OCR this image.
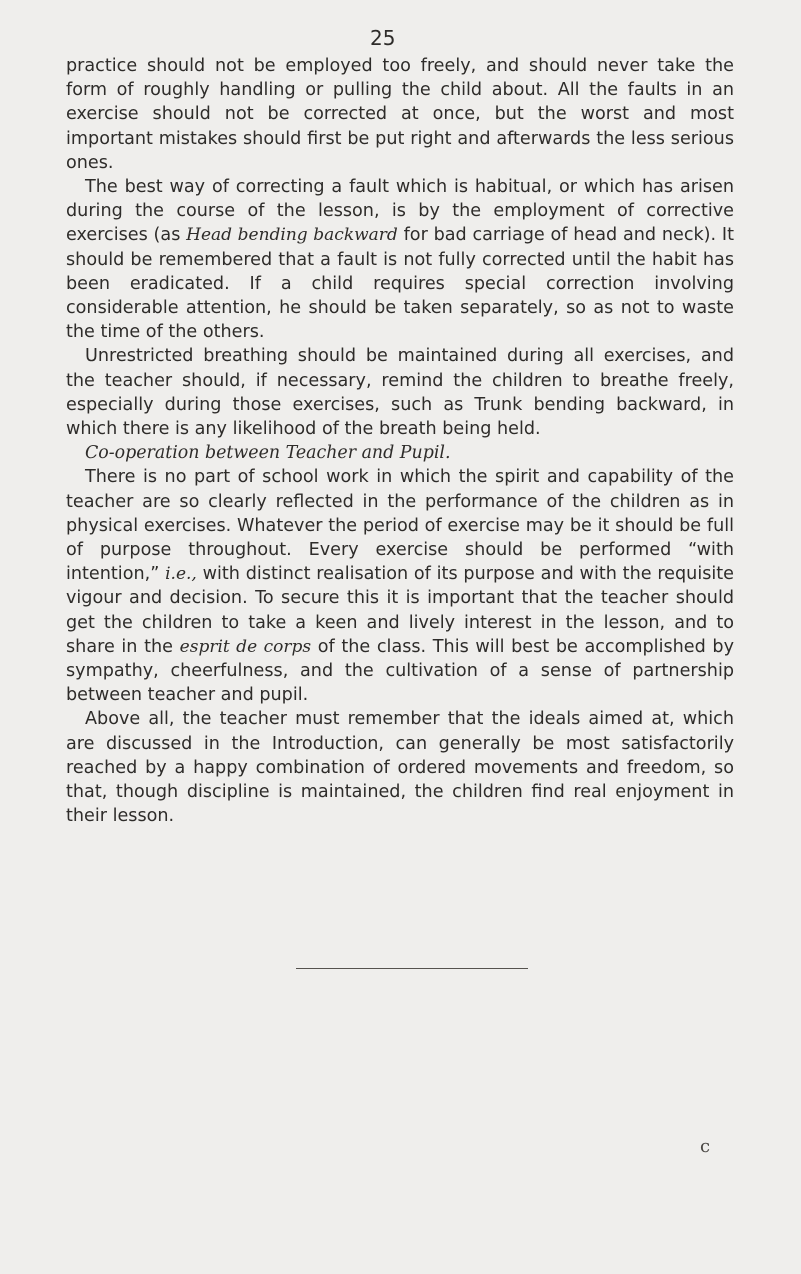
25

practice should not be employed too freely, and should never take the form of roughly handling or pulling the child about. All the faults in an exercise should not be corrected at once, but the worst and most important mistakes should first be put right and afterwards the less serious ones.

The best way of correcting a fault which is habitual, or which has arisen during the course of the lesson, is by the employment of corrective exercises (as Head bending backward for bad carriage of head and neck). It should be remembered that a fault is not fully corrected until the habit has been eradicated. If a child requires special correction involving considerable attention, he should be taken separately, so as not to waste the time of the others.

Unrestricted breathing should be maintained during all exercises, and the teacher should, if necessary, remind the children to breathe freely, especially during those exercises, such as Trunk bending backward, in which there is any likelihood of the breath being held.

Co-operation between Teacher and Pupil.

There is no part of school work in which the spirit and capability of the teacher are so clearly reflected in the performance of the children as in physical exercises. Whatever the period of exercise may be it should be full of purpose throughout. Every exercise should be performed “with intention,” i.e., with distinct realisation of its purpose and with the requisite vigour and decision. To secure this it is important that the teacher should get the children to take a keen and lively interest in the lesson, and to share in the esprit de corps of the class. This will best be accomplished by sympathy, cheerfulness, and the cultivation of a sense of partnership between teacher and pupil.

Above all, the teacher must remember that the ideals aimed at, which are discussed in the Introduction, can generally be most satisfactorily reached by a happy combination of ordered movements and freedom, so that, though discipline is maintained, the children find real enjoyment in their lesson.

c
